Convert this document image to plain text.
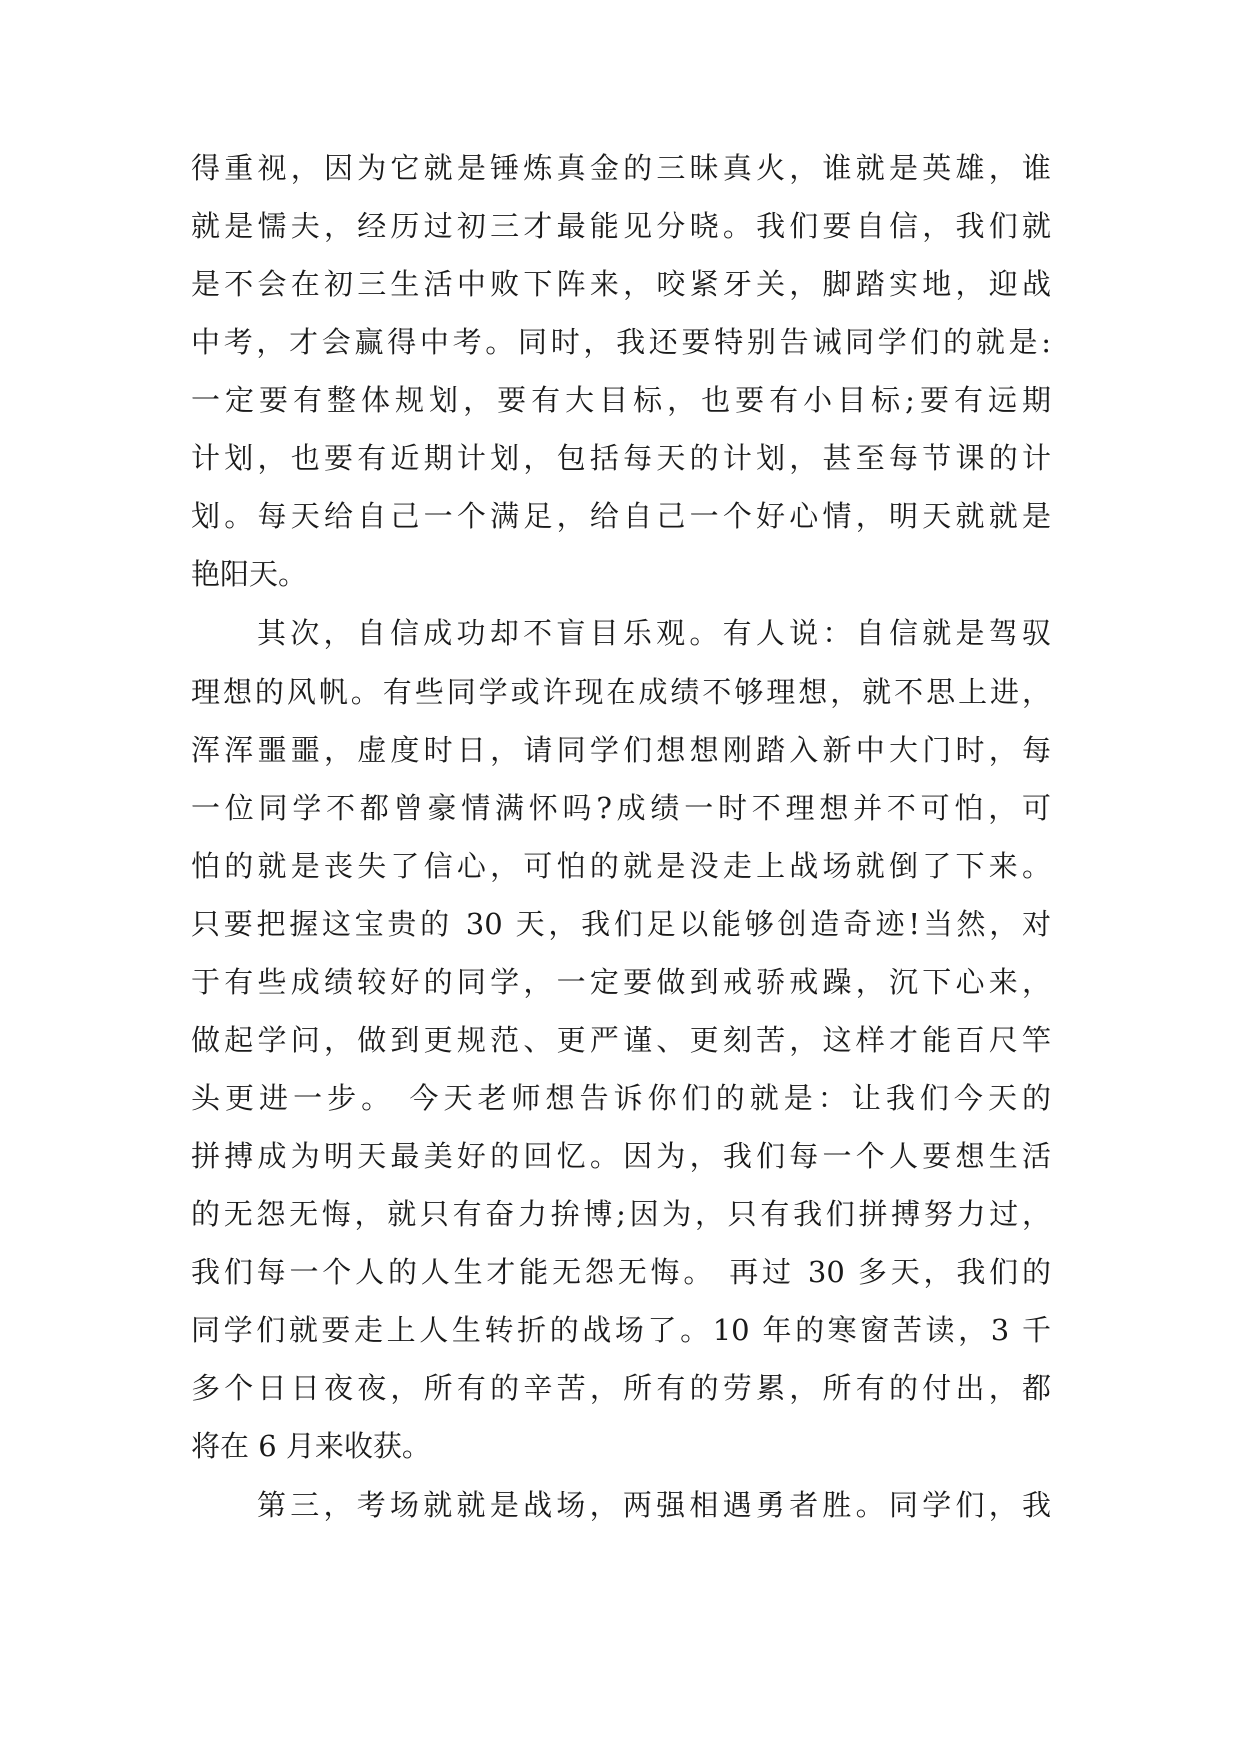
得重视，因为它就是锤炼真金的三昧真火，谁就是英雄，谁
就是懦夫，经历过初三才最能见分晓。我们要自信，我们就
是不会在初三生活中败下阵来，咬紧牙关，脚踏实地，迎战
中考，才会赢得中考。同时，我还要特别告诫同学们的就是:
一定要有整体规划，要有大目标，也要有小目标;要有远期
计划，也要有近期计划，包括每天的计划，甚至每节课的计
划。每天给自己一个满足，给自己一个好心情，明天就就是
艳阳天。
其次，自信成功却不盲目乐观。有人说：自信就是驾驭
理想的风帆。有些同学或许现在成绩不够理想，就不思上进，
浑浑噩噩，虚度时日，请同学们想想刚踏入新中大门时，每
一位同学不都曾豪情满怀吗?成绩一时不理想并不可怕，可
怕的就是丧失了信心，可怕的就是没走上战场就倒了下来。
只要把握这宝贵的 30 天，我们足以能够创造奇迹!当然，对
于有些成绩较好的同学，一定要做到戒骄戒躁，沉下心来，
做起学问，做到更规范、更严谨、更刻苦，这样才能百尺竿
头更进一步。 今天老师想告诉你们的就是：让我们今天的
拼搏成为明天最美好的回忆。因为，我们每一个人要想生活
的无怨无悔，就只有奋力拚博;因为，只有我们拼搏努力过，
我们每一个人的人生才能无怨无悔。 再过 30 多天，我们的
同学们就要走上人生转折的战场了。10 年的寒窗苦读，3 千
多个日日夜夜，所有的辛苦，所有的劳累，所有的付出，都
将在 6 月来收获。
第三，考场就就是战场，两强相遇勇者胜。同学们，我
